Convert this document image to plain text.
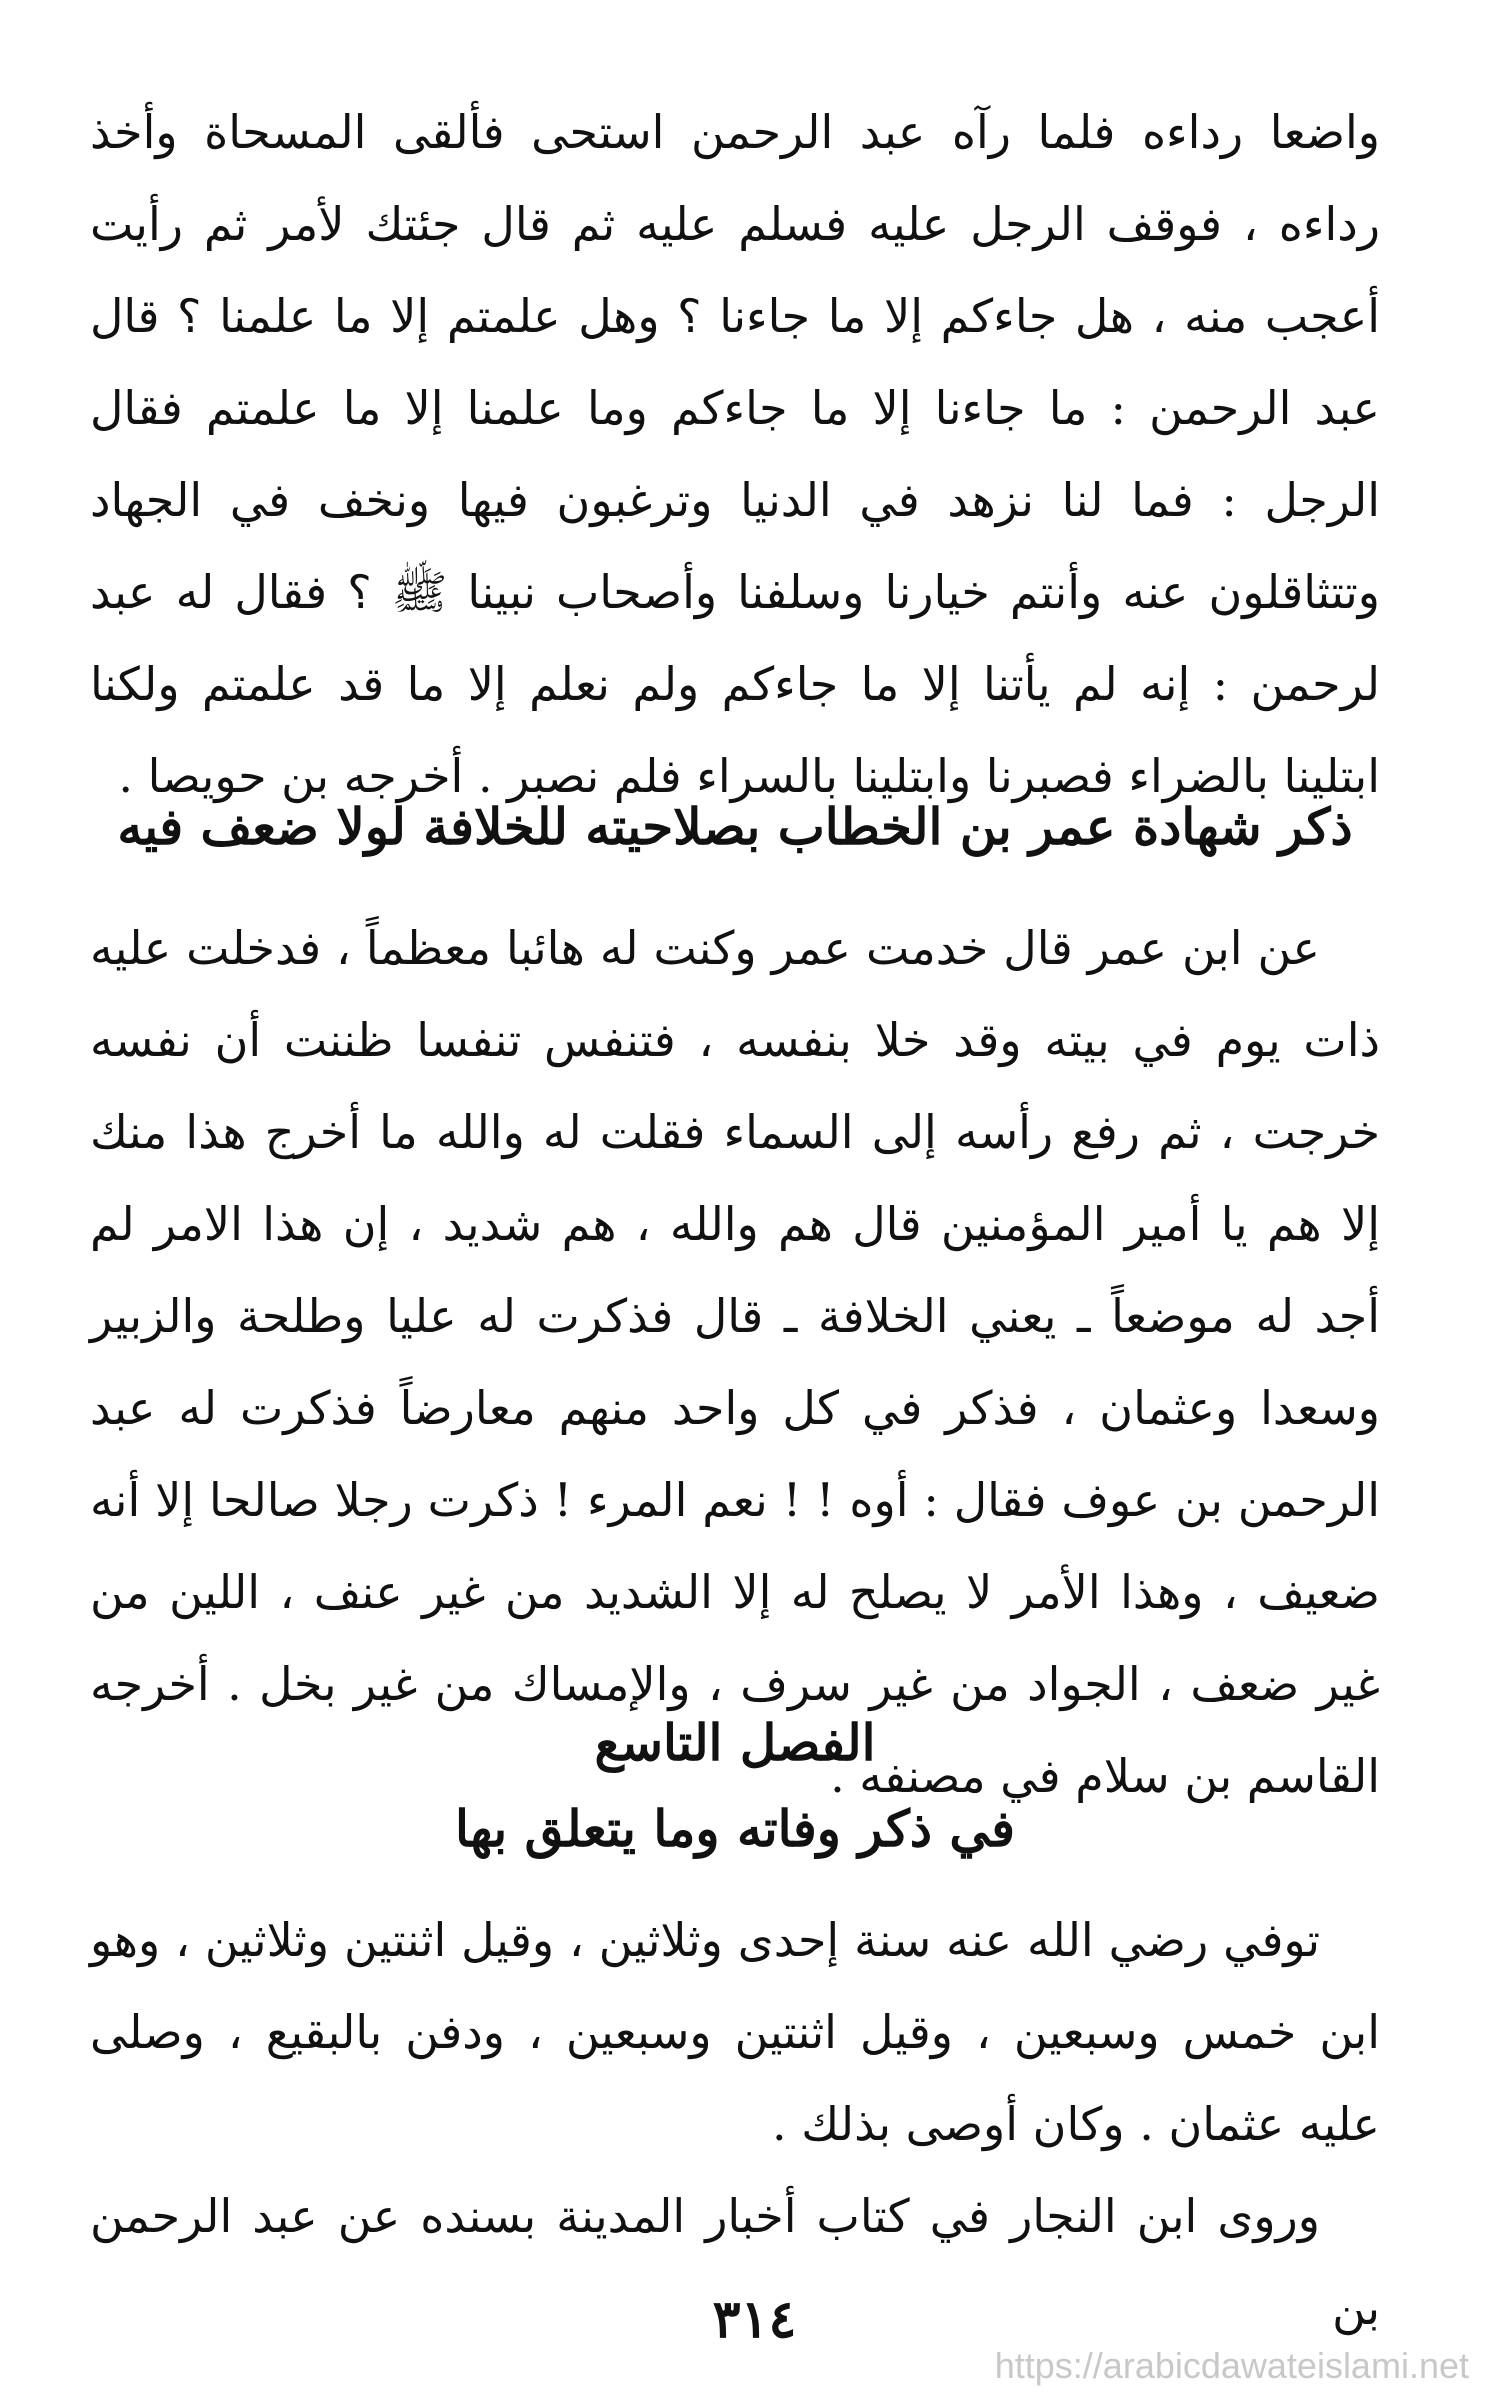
واضعا رداءه فلما رآه عبد الرحمن استحى فألقى المسحاة وأخذ رداءه ، فوقف الرجل عليه فسلم عليه ثم قال جئتك لأمر ثم رأيت أعجب منه ، هل جاءكم إلا ما جاءنا ؟ وهل علمتم إلا ما علمنا ؟ قال عبد الرحمن : ما جاءنا إلا ما جاءكم وما علمنا إلا ما علمتم فقال الرجل : فما لنا نزهد في الدنيا وترغبون فيها ونخف في الجهاد وتتثاقلون عنه وأنتم خيارنا وسلفنا وأصحاب نبينا ﷺ ؟ فقال له عبد لرحمن : إنه لم يأتنا إلا ما جاءكم ولم نعلم إلا ما قد علمتم ولكنا ابتلينا بالضراء فصبرنا وابتلينا بالسراء فلم نصبر . أخرجه بن حويصا .

ذكر شهادة عمر بن الخطاب بصلاحيته للخلافة لولا ضعف فيه

عن ابن عمر قال خدمت عمر وكنت له هائبا معظماً ، فدخلت عليه ذات يوم في بيته وقد خلا بنفسه ، فتنفس تنفسا ظننت أن نفسه خرجت ، ثم رفع رأسه إلى السماء فقلت له والله ما أخرج هذا منك إلا هم يا أمير المؤمنين قال هم والله ، هم شديد ، إن هذا الامر لم أجد له موضعاً ـ يعني الخلافة ـ قال فذكرت له عليا وطلحة والزبير وسعدا وعثمان ، فذكر في كل واحد منهم معارضاً فذكرت له عبد الرحمن بن عوف فقال : أوه ! ! نعم المرء ! ذكرت رجلا صالحا إلا أنه ضعيف ، وهذا الأمر لا يصلح له إلا الشديد من غير عنف ، اللين من غير ضعف ، الجواد من غير سرف ، والإمساك من غير بخل . أخرجه القاسم بن سلام في مصنفه .

الفصل التاسع
في ذكر وفاته وما يتعلق بها

توفي رضي الله عنه سنة إحدى وثلاثين ، وقيل اثنتين وثلاثين ، وهو ابن خمس وسبعين ، وقيل اثنتين وسبعين ، ودفن بالبقيع ، وصلى عليه عثمان . وكان أوصى بذلك .

وروى ابن النجار في كتاب أخبار المدينة بسنده عن عبد الرحمن بن

٣١٤
https://arabicdawateislami.net
